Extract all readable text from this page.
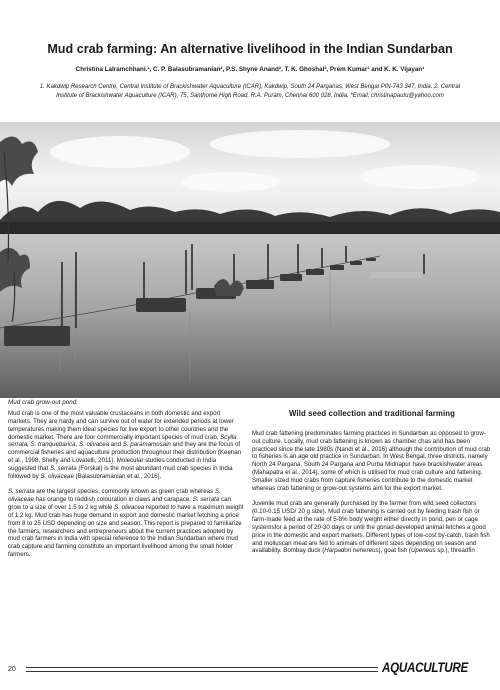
Mud crab farming: An alternative livelihood in the Indian Sundarban
Christina Lalramchhani.¹, C. P. Balasubramanian², P.S. Shyne Anand², T. K. Ghoshal², Prem Kumar¹ and K. K. Vijayan¹
1. Kakdwip Research Centre, Central Institute of Brackishwater Aquaculture (ICAR), Kakdwip, South 24 Parganas, West Bengal PIN-743 347, India. 2. Central Institute of Brackishwater Aquaculture (ICAR), 75, Santhome High Road, R.A. Puram, Chennai 600 028, India. *Email: christinapautu@yahoo.com
Mud crab grow-out pond.

Mud crab is one of the most valuable crustaceans in both domestic and export markets. They are hardy and can survive out of water for extended periods at lower temperatures making them ideal species for live export to other countries and the domestic market. There are four commercially important species of mud crab, Scylla serrata, S. tranquebarica, S. olivacea and S. paramamosain and they are the focus of commercial fisheries and aquaculture production throughout their distribution (Keenan et al., 1998, Shelly and Lovatelli, 2011). Molecular studies conducted in India suggested that S. serrata (Forskal) is the most abundant mud crab species in India followed by S. olivaceae (Balasubramanian et al., 2016).

S. serrata are the largest species, commonly known as green crab whereas S. olivaceae has orange to reddish colouration in claws and carapace. S. serrata can grow to a size of over 1.5 to 2 kg while S. olivacea reported to have a maximum weight of 1.2 kg. Mud crab has huge demand in export and domestic market fetching a price from 8 to 25 USD depending on size and season. This report is prepared to familiarize the farmers, researchers and entrepreneurs about the current practices adopted by mud crab farmers in India with special reference to the Indian Sundarban where mud crab capture and farming constitute an important livelihood among the small holder farmers.

Wild seed collection and traditional farming

Mud crab fattening predominates farming practices in Sundarban as opposed to grow-out culture. Locally, mud crab fattening is known as chamber chas and has been practiced since the late 1980s (Nandi et al., 2016) although the contribution of mud crab to fisheries is an age old practice in Sundarban. In West Bengal, three districts, namely North 24 Pargana, South 24 Pargana and Purba Midnapur have brackishwater areas (Mahapatra et al., 2014), some of which is utilised for mud crab culture and fattening. Smaller sized mud crabs from capture fisheries contribute to the domestic market whereas crab fattening or grow-out systems aim for the export market.

Juvenile mud crab are generally purchased by the farmer from wild seed collectors (0.10-0.15 USD/ 20 g size). Mud crab fattening is carried out by feeding trash fish or farm-made feed at the rate of 5-8% body weight either directly in pond, pen or cage systemsfor a period of 20-30 days or until the gonad-developed animal fetches a good price in the domestic and export markets. Different types of low-cost by-catch, trash fish and molluscan meat are fed to animals of different sizes depending on season and availability. Bombay duck (Harpadon nehereus), goat fish (Upeneus sp.), threadfin

20	AQUACULTURE
